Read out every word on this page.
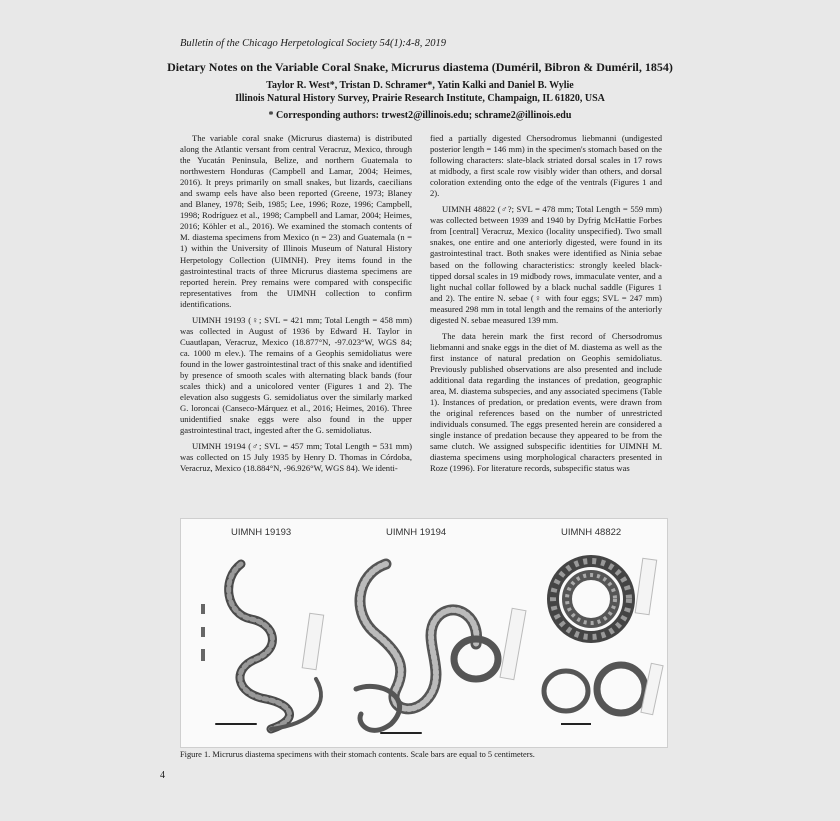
Bulletin of the Chicago Herpetological Society 54(1):4-8, 2019
Dietary Notes on the Variable Coral Snake, Micrurus diastema (Duméril, Bibron & Duméril, 1854)
Taylor R. West*, Tristan D. Schramer*, Yatin Kalki and Daniel B. Wylie
Illinois Natural History Survey, Prairie Research Institute, Champaign, IL 61820, USA
* Corresponding authors: trwest2@illinois.edu; schrame2@illinois.edu

The variable coral snake (Micrurus diastema) is distributed along the Atlantic versant from central Veracruz, Mexico, through the Yucatán Peninsula, Belize, and northern Guatemala to northwestern Honduras (Campbell and Lamar, 2004; Heimes, 2016). It preys primarily on small snakes, but lizards, caecilians and swamp eels have also been reported (Greene, 1973; Blaney and Blaney, 1978; Seib, 1985; Lee, 1996; Roze, 1996; Campbell, 1998; Rodríguez et al., 1998; Campbell and Lamar, 2004; Heimes, 2016; Köhler et al., 2016). We examined the stomach contents of M. diastema specimens from Mexico (n = 23) and Guatemala (n = 1) within the University of Illinois Museum of Natural History Herpetology Collection (UIMNH). Prey items found in the gastrointestinal tracts of three Micrurus diastema specimens are reported herein. Prey remains were compared with conspecific representatives from the UIMNH collection to confirm identifications.

UIMNH 19193 (♀; SVL = 421 mm; Total Length = 458 mm) was collected in August of 1936 by Edward H. Taylor in Cuautlapan, Veracruz, Mexico (18.877°N, -97.023°W, WGS 84; ca. 1000 m elev.). The remains of a Geophis semidoliatus were found in the lower gastrointestinal tract of this snake and identified by presence of smooth scales with alternating black bands (four scales thick) and a unicolored venter (Figures 1 and 2). The elevation also suggests G. semidoliatus over the similarly marked G. loroncai (Canseco-Márquez et al., 2016; Heimes, 2016). Three unidentified snake eggs were also found in the upper gastrointestinal tract, ingested after the G. semidoliatus.

UIMNH 19194 (♂; SVL = 457 mm; Total Length = 531 mm) was collected on 15 July 1935 by Henry D. Thomas in Córdoba, Veracruz, Mexico (18.884°N, -96.926°W, WGS 84). We identi-

fied a partially digested Chersodromus liebmanni (undigested posterior length = 146 mm) in the specimen's stomach based on the following characters: slate-black striated dorsal scales in 17 rows at midbody, a first scale row visibly wider than others, and dorsal coloration extending onto the edge of the ventrals (Figures 1 and 2).

UIMNH 48822 (♂?; SVL = 478 mm; Total Length = 559 mm) was collected between 1939 and 1940 by Dyfrig McHattie Forbes from [central] Veracruz, Mexico (locality unspecified). Two small snakes, one entire and one anteriorly digested, were found in its gastrointestinal tract. Both snakes were identified as Ninia sebae based on the following characteristics: strongly keeled black-tipped dorsal scales in 19 midbody rows, immaculate venter, and a light nuchal collar followed by a black nuchal saddle (Figures 1 and 2). The entire N. sebae (♀ with four eggs; SVL = 247 mm) measured 298 mm in total length and the remains of the anteriorly digested N. sebae measured 139 mm.

The data herein mark the first record of Chersodromus liebmanni and snake eggs in the diet of M. diastema as well as the first instance of natural predation on Geophis semidoliatus. Previously published observations are also presented and include additional data regarding the instances of predation, geographic area, M. diastema subspecies, and any associated specimens (Table 1). Instances of predation, or predation events, were drawn from the original references based on the number of unrestricted individuals consumed. The eggs presented herein are considered a single instance of predation because they appeared to be from the same clutch. We assigned subspecific identities for UIMNH M. diastema specimens using morphological characters presented in Roze (1996). For literature records, subspecific status was

UIMNH 19193	UIMNH 19194	UIMNH 48822
Figure 1. Micrurus diastema specimens with their stomach contents. Scale bars are equal to 5 centimeters.
4
